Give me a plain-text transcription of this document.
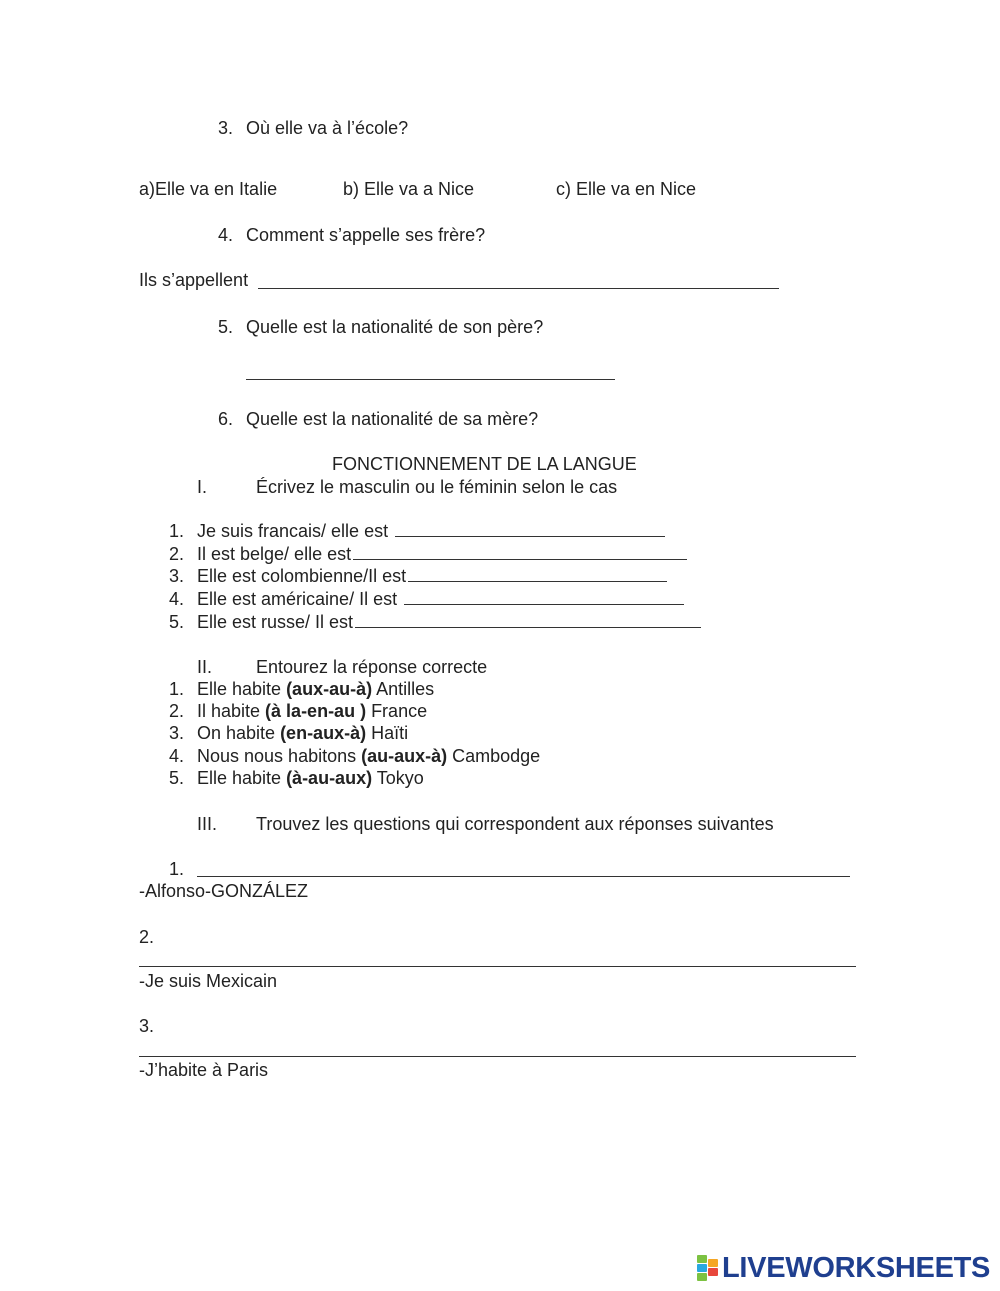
3. Où elle va à l’école?
a)Elle va en Italie	b) Elle va a Nice	c) Elle va en Nice
4. Comment s’appelle ses frère?
Ils s’appellent
5. Quelle est la nationalité de son père?
6. Quelle est la nationalité de sa mère?
FONCTIONNEMENT DE LA LANGUE
I.	Écrivez le masculin ou le féminin selon le cas
1. Je suis francais/ elle est
2. Il est belge/ elle est
3. Elle est colombienne/Il est
4. Elle est américaine/ Il est
5. Elle est russe/ Il est
II. Entourez la réponse correcte
1. Elle habite (aux-au-à) Antilles
2. Il habite (à la-en-au ) France
3. On habite (en-aux-à) Haïti
4. Nous nous habitons (au-aux-à) Cambodge
5. Elle habite (à-au-aux) Tokyo
III. Trouvez les questions qui correspondent aux réponses suivantes
1.
-Alfonso-GONZÁLEZ
2.
-Je suis Mexicain
3.
-J’habite à Paris
LIVEWORKSHEETS
